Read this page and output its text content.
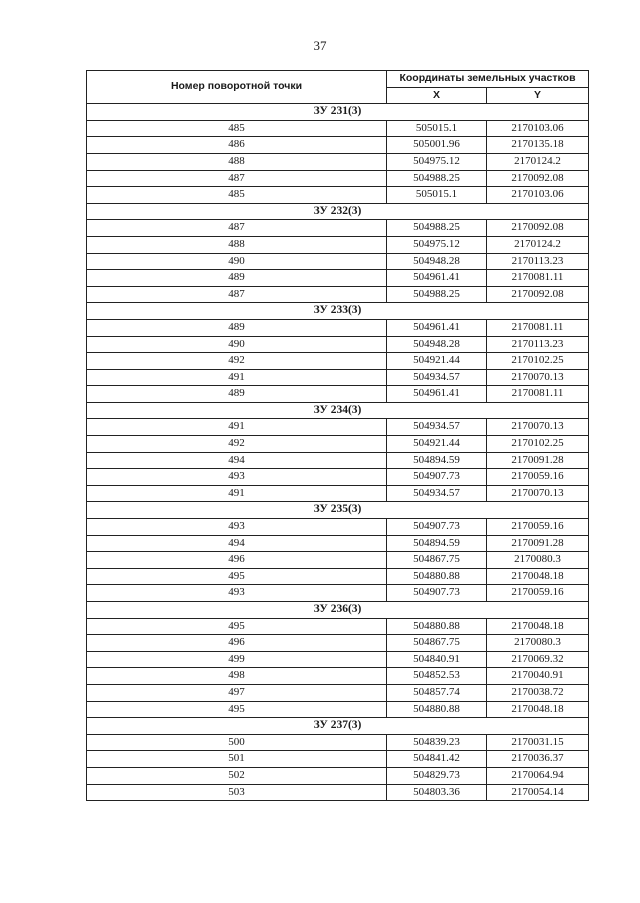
37
Номер поворотной точки	Координаты земельных участков	
	X	Y
ЗУ 231(3)		
485	505015.1	2170103.06
486	505001.96	2170135.18
488	504975.12	2170124.2
487	504988.25	2170092.08
485	505015.1	2170103.06
ЗУ 232(3)		
487	504988.25	2170092.08
488	504975.12	2170124.2
490	504948.28	2170113.23
489	504961.41	2170081.11
487	504988.25	2170092.08
ЗУ 233(3)		
489	504961.41	2170081.11
490	504948.28	2170113.23
492	504921.44	2170102.25
491	504934.57	2170070.13
489	504961.41	2170081.11
ЗУ 234(3)		
491	504934.57	2170070.13
492	504921.44	2170102.25
494	504894.59	2170091.28
493	504907.73	2170059.16
491	504934.57	2170070.13
ЗУ 235(3)		
493	504907.73	2170059.16
494	504894.59	2170091.28
496	504867.75	2170080.3
495	504880.88	2170048.18
493	504907.73	2170059.16
ЗУ 236(3)		
495	504880.88	2170048.18
496	504867.75	2170080.3
499	504840.91	2170069.32
498	504852.53	2170040.91
497	504857.74	2170038.72
495	504880.88	2170048.18
ЗУ 237(3)		
500	504839.23	2170031.15
501	504841.42	2170036.37
502	504829.73	2170064.94
503	504803.36	2170054.14
